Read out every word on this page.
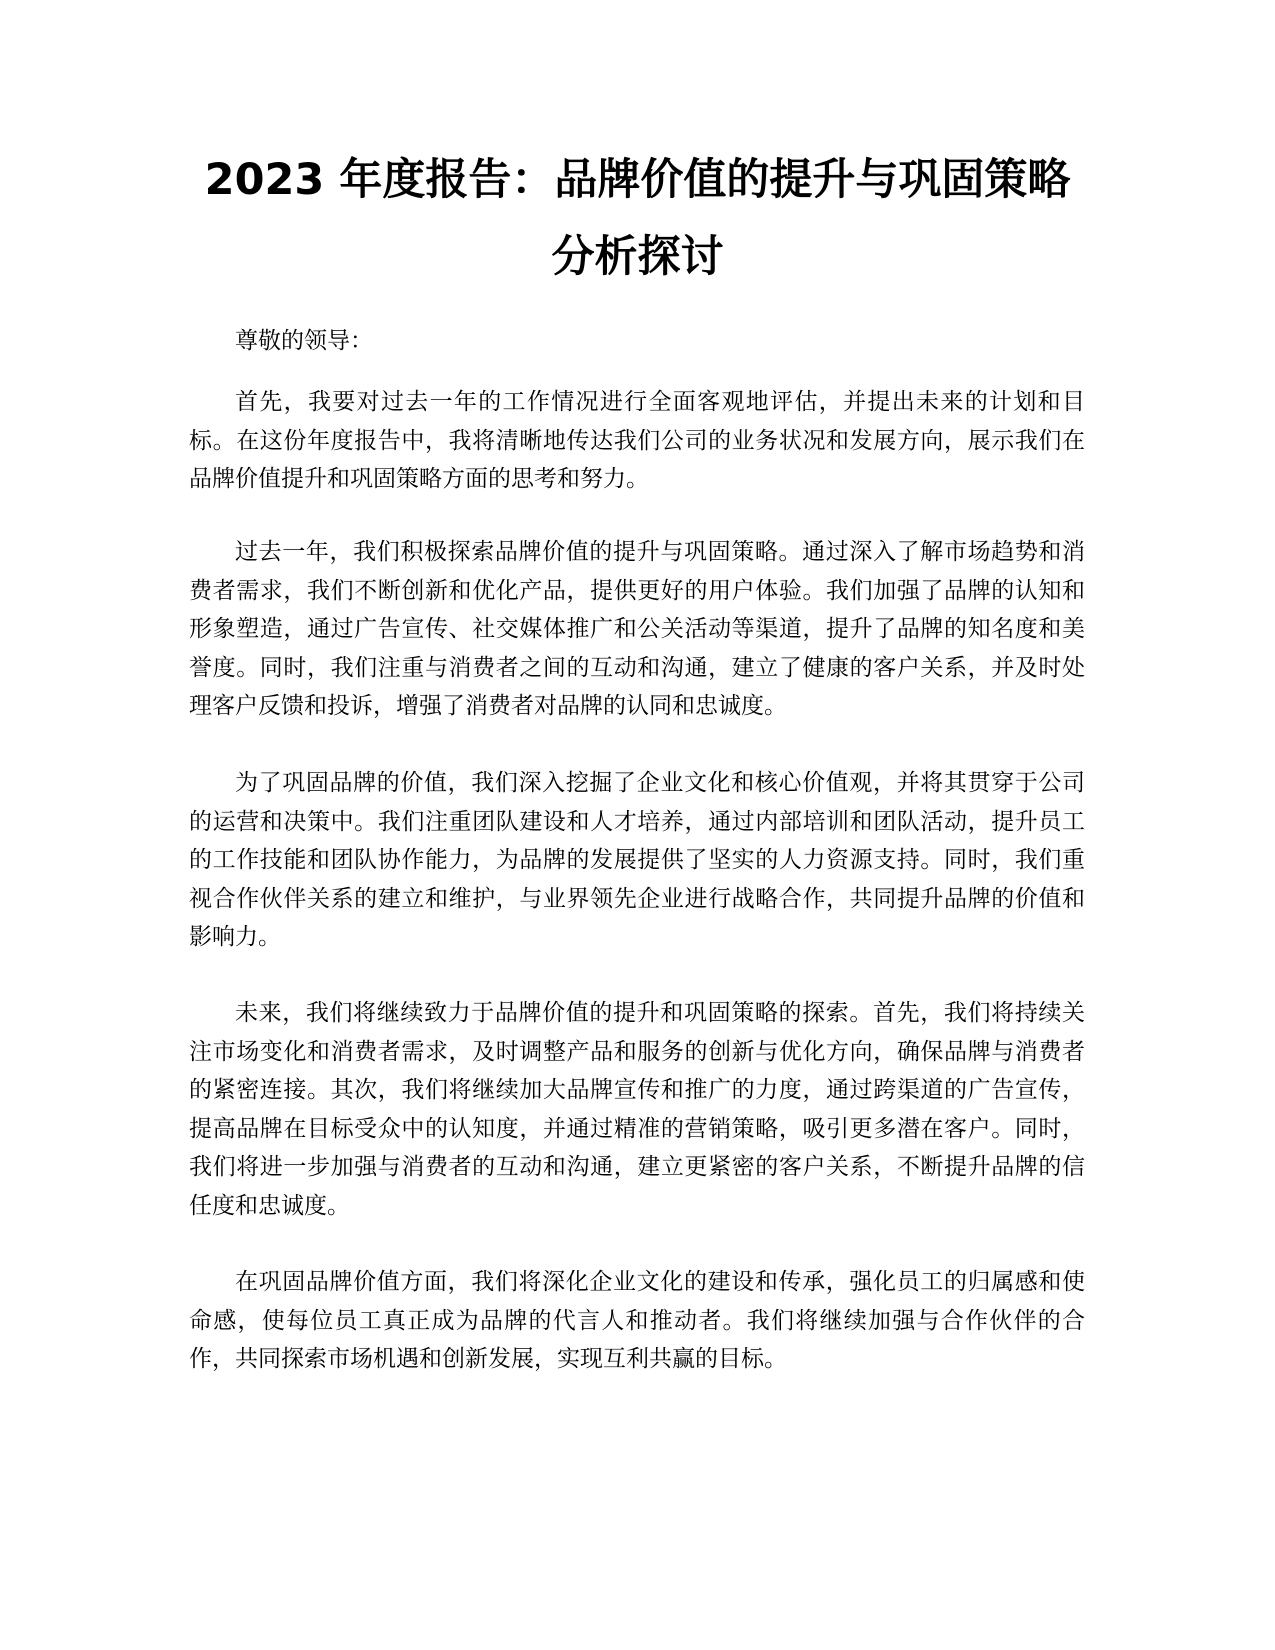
2023 年度报告：品牌价值的提升与巩固策略
分析探讨

尊敬的领导：

首先，我要对过去一年的工作情况进行全面客观地评估，并提出未来的计划和目标。在这份年度报告中，我将清晰地传达我们公司的业务状况和发展方向，展示我们在品牌价值提升和巩固策略方面的思考和努力。

过去一年，我们积极探索品牌价值的提升与巩固策略。通过深入了解市场趋势和消费者需求，我们不断创新和优化产品，提供更好的用户体验。我们加强了品牌的认知和形象塑造，通过广告宣传、社交媒体推广和公关活动等渠道，提升了品牌的知名度和美誉度。同时，我们注重与消费者之间的互动和沟通，建立了健康的客户关系，并及时处理客户反馈和投诉，增强了消费者对品牌的认同和忠诚度。

为了巩固品牌的价值，我们深入挖掘了企业文化和核心价值观，并将其贯穿于公司的运营和决策中。我们注重团队建设和人才培养，通过内部培训和团队活动，提升员工的工作技能和团队协作能力，为品牌的发展提供了坚实的人力资源支持。同时，我们重视合作伙伴关系的建立和维护，与业界领先企业进行战略合作，共同提升品牌的价值和影响力。

未来，我们将继续致力于品牌价值的提升和巩固策略的探索。首先，我们将持续关注市场变化和消费者需求，及时调整产品和服务的创新与优化方向，确保品牌与消费者的紧密连接。其次，我们将继续加大品牌宣传和推广的力度，通过跨渠道的广告宣传，提高品牌在目标受众中的认知度，并通过精准的营销策略，吸引更多潜在客户。同时，我们将进一步加强与消费者的互动和沟通，建立更紧密的客户关系，不断提升品牌的信任度和忠诚度。

在巩固品牌价值方面，我们将深化企业文化的建设和传承，强化员工的归属感和使命感，使每位员工真正成为品牌的代言人和推动者。我们将继续加强与合作伙伴的合作，共同探索市场机遇和创新发展，实现互利共赢的目标。
